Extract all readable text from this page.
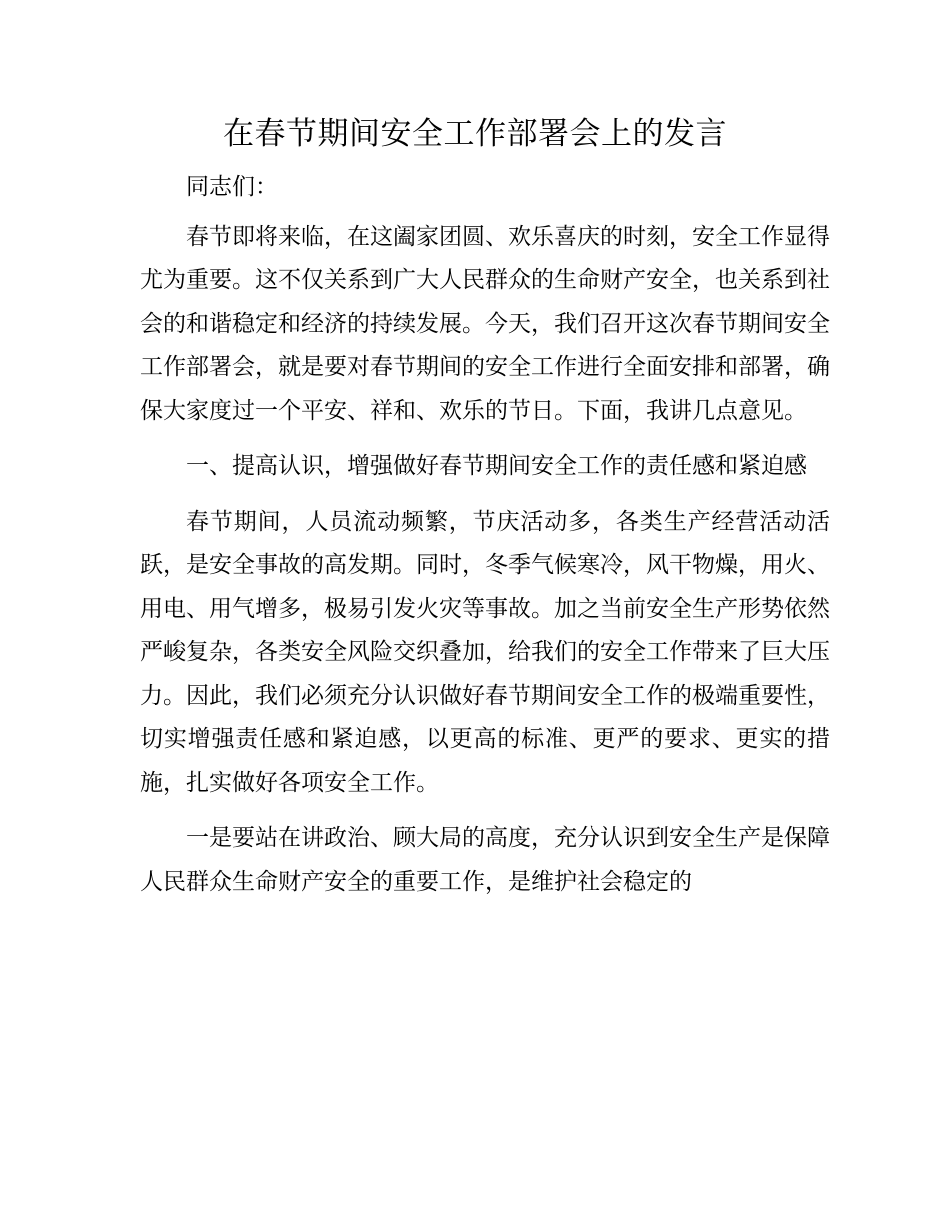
在春节期间安全工作部署会上的发言

同志们：

春节即将来临，在这阖家团圆、欢乐喜庆的时刻，安全工作显得尤为重要。这不仅关系到广大人民群众的生命财产安全，也关系到社会的和谐稳定和经济的持续发展。今天，我们召开这次春节期间安全工作部署会，就是要对春节期间的安全工作进行全面安排和部署，确保大家度过一个平安、祥和、欢乐的节日。下面，我讲几点意见。

一、提高认识，增强做好春节期间安全工作的责任感和紧迫感

春节期间，人员流动频繁，节庆活动多，各类生产经营活动活跃，是安全事故的高发期。同时，冬季气候寒冷，风干物燥，用火、用电、用气增多，极易引发火灾等事故。加之当前安全生产形势依然严峻复杂，各类安全风险交织叠加，给我们的安全工作带来了巨大压力。因此，我们必须充分认识做好春节期间安全工作的极端重要性，切实增强责任感和紧迫感，以更高的标准、更严的要求、更实的措施，扎实做好各项安全工作。

一是要站在讲政治、顾大局的高度，充分认识到安全生产是保障人民群众生命财产安全的重要工作，是维护社会稳定的
